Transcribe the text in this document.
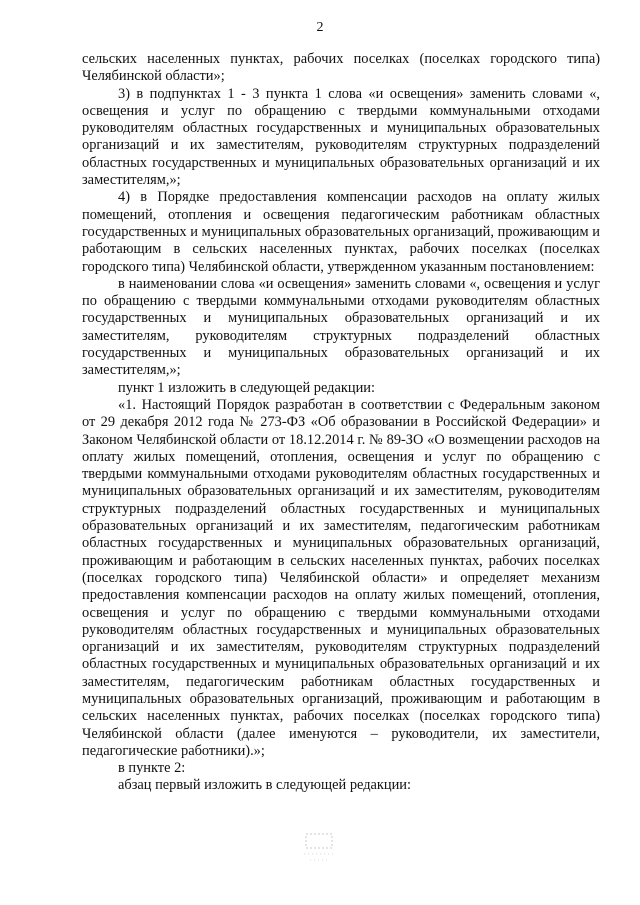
2

сельских населенных пунктах, рабочих поселках (поселках городского типа) Челябинской области»;

3) в подпунктах 1 - 3 пункта 1 слова «и освещения» заменить словами «, освещения и услуг по обращению с твердыми коммунальными отходами руководителям областных государственных и муниципальных образовательных организаций и их заместителям, руководителям структурных подразделений областных государственных и муниципальных образовательных организаций и их заместителям,»;

4) в Порядке предоставления компенсации расходов на оплату жилых помещений, отопления и освещения педагогическим работникам областных государственных и муниципальных образовательных организаций, проживающим и работающим в сельских населенных пунктах, рабочих поселках (поселках городского типа) Челябинской области, утвержденном указанным постановлением:

в наименовании слова «и освещения» заменить словами «, освещения и услуг по обращению с твердыми коммунальными отходами руководителям областных государственных и муниципальных образовательных организаций и их заместителям, руководителям структурных подразделений областных государственных и муниципальных образовательных организаций и их заместителям,»;

пункт 1 изложить в следующей редакции:

«1. Настоящий Порядок разработан в соответствии с Федеральным законом от 29 декабря 2012 года № 273-ФЗ «Об образовании в Российской Федерации» и Законом Челябинской области от 18.12.2014 г. № 89-ЗО «О возмещении расходов на оплату жилых помещений, отопления, освещения и услуг по обращению с твердыми коммунальными отходами руководителям областных государственных и муниципальных образовательных организаций и их заместителям, руководителям структурных подразделений областных государственных и муниципальных образовательных организаций и их заместителям, педагогическим работникам областных государственных и муниципальных образовательных организаций, проживающим и работающим в сельских населенных пунктах, рабочих поселках (поселках городского типа) Челябинской области» и определяет механизм предоставления компенсации расходов на оплату жилых помещений, отопления, освещения и услуг по обращению с твердыми коммунальными отходами руководителям областных государственных и муниципальных образовательных организаций и их заместителям, руководителям структурных подразделений областных государственных и муниципальных образовательных организаций и их заместителям, педагогическим работникам областных государственных и муниципальных образовательных организаций, проживающим и работающим в сельских населенных пунктах, рабочих поселках (поселках городского типа) Челябинской области (далее именуются – руководители, их заместители, педагогические работники).»;

в пункте 2:

абзац первый изложить в следующей редакции:
